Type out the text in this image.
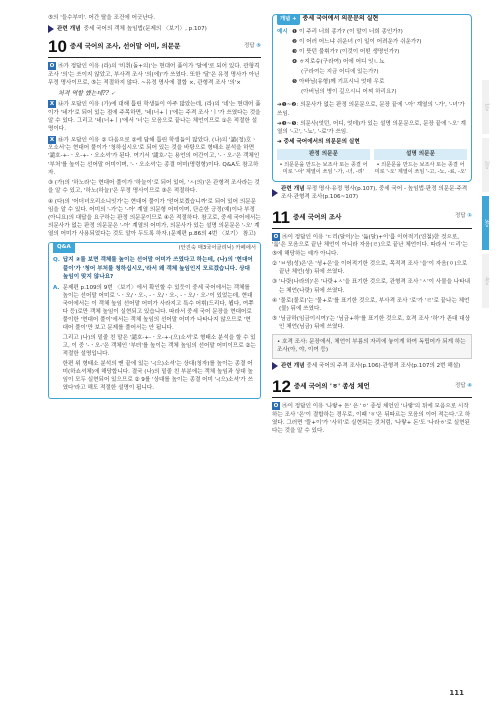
1강
2강
3강
4강

⑤의 '들수부미'. 어간 탈을 조건에 어긋난다.

관련 개념 중세 국어의 객체 높임법(문제의 〈보기〉, p.107)
10 중세 국어의 조사, 선어말 어미, 의문문	정답 ⑤

O ㉮가 정답인 이유 (라)의 '비취(돌+의)'는 현대어 풀이가 '달에'로 되어 있다. 관형격 조사 '의'는 쓰이지 않았고, 부사격 조사 '의(에)'가 쓰였다. 또한 '달'은 유정 명사가 아닌 무정 명사이므로, ⑤는 적절하지 않다. ~유정 명사에 결합 ×, 관형격 조사 '의'×

처격 역할 했는데?? 🗸

X ㉯가 오답인 이유 (가)에 대해 틀린 학생들이 아주 많았는데, (라)의 '네'는 현대어 풀이가 '네가'로 되어 있는 점에 주목하면, '네(너+ㅣ)'에는 주격 조사 'ㅣ'가 쓰였다는 것을 알 수 있다. 그리고 '네(너+ㅣ)'에서 '너'는 모음으로 끝나는 체언이므로 ①은 적절한 설명이다.

X ㉰가 오답인 이유 ② 다음으로 ②에 답해 틀린 학생들이 많았다. (나)의 '譴(청)호ㆍ오소서'는 현대어 풀이가 '청하십시오'로 되어 있는 것을 바탕으로 형태소 분석을 하면 '譴호-+-ㆍ오-+-ㆍ오소셔'가 된다. 여기서 '譴호-'는 용언의 어간이고, '-ㆍ오-'은 객체인 '부처'를 높이는 선어말 어미이며, '-ㆍ오소셔'는 종결 어미(명령형)이다. Q&A도 참고하자.

③ (가)의 '하노라'는 현대어 풀이가 '하늘이'로 되어 있어, 'ㅅ(의)'은 관형격 조사라는 것을 알 수 있고, '하노(하늘)'은 무정 명사이므로 ③은 적절하다.

④ (다)의 '어더녀오리소니잇가'는 현대어 풀이가 '얻어보겠습니까'로 되어 있어 의문문임을 알 수 있다. 어미의 '-가'는 '-아' 계열 의문형 어미이며, 단순한 긍정(예)이나 부정(아니요)의 대답을 요구하는 판정 의문문이므로 ④은 적절하다. 참고로, 중세 국어에서는 의문사가 없는 판정 의문문은 '-아' 계열의 어미가, 의문사가 있는 설명 의문문은 '-오' 계열의 어미가 사용되었다는 것도 알아 두도록 하자.(문제편 p.86의 4번 〈보기〉 참고)

Q&A	(안진숙 매3국어클리닉) 카페에서
Q. 답지 ②를 보면 객체를 높이는 선어말 어미가 쓰였다고 하는데, (나)의 '현대어 풀이'가 '청어 부처를 청하십시오,'라서 왜 객체 높임인지 모르겠습니다. 상대 높임이 맞지 않나요?
A. 문제편 p.109의 9번 〈보기〉에서 확인할 수 있듯이 중세 국어에서는 객체를 높이는 선어말 어미로 '-ㆍ오/ㆍ오-, -ㆍ오/ㆍ오-, -ㆍ오/ㆍ오-'이 있었는데, 현대 국어에서는 이 객체 높임 선어말 어미가 사라지고 특수 어휘(드리다, 뵙다, 여쭈다 등)로만 객체 높임이 실현되고 있습니다. 따라서 중세 국어 문장을 현대어로 풀이한 '현대어 풀이'에서는 객체 높임의 선어말 어미가 나타나지 않으므로 '현대어 풀이'만 보고 문제를 풀어서는 안 됩니다.

그리고 (나)의 밑줄 친 말은 '譴호-+-ㆍ오-+-(으)소셔'로 형태소 분석을 할 수 있고, 이 중 '-ㆍ오-'은 객체인 '부텨'를 높이는 객체 높임의 선어말 어미이므로 ②는 적절한 설명입니다.

한편 위 형태소 분석의 맨 끝에 있는 '-(으)소셔'는 상대(청자)를 높이는 종결 어미(하쇼셔체)에 해당합니다. 결국 (나)의 밑줄 친 부분에는 객체 높임과 상대 높임이 모두 실현되어 있으므로 ② 9를 '상대를 높이는 종결 어미 '-(으)소셔'가 쓰였다'라고 해도 적절한 설명이 됩니다.

개념 +	중세 국어에서 의문문의 실현
예시 ❶ 이 주리 너희 종가? (이 말이 너희 종인가?)
❷ 이 어러 어느냐 쉬운녀 (이 일이 어려운가 쉬운가?)
❸ 이 뜻던 불휘가? (이것이 어떤 생명인가?)
❹ ㅎ지로슈(구라여) 어에 어디 잇ㄴ뇨

(구라여는 지금 어디에 있는가?)

❺ 아바님(유형)께 기프시니 엇데 우로

(아버님의 병이 깊으시니 어찌 하리요?)

➔❶~❷: 의문사가 없는 판정 의문문으로, 문장 끝에 '-아' 계열의 '-가', '-녀'가 쓰임.

➔❸~❺: 의문사(엇던, 어디, 엇데)가 있는 설명 의문문으로, 문장 끝에 '-오' 계열의 '-고', '-뇨', '-료'가 쓰임.

➔ 중세 국어에서의 의문문의 실현

판정 의문문
• 의문문을 만드는 보조사 또는 종결 어미로 '-아' 계열이 쓰임 '-가, -녀, -려'
설명 의문문
• 의문문을 만드는 보조사 또는 종결 어미로 '-오' 계열이 쓰임 '-고, -뇨, -료, -오'
관련 개념 무정 명사·유정 명사(p.107), 중세 국어 - 높임법·판정 의문문·주격 조사·관형격 조사(p.106~107)
11 중세 국어의 조사	정답 ①

O ㉮이 정답인 이유 'ㄷ리(달이)'는 '듧(달)+이'를 이어적기(연철)한 것으로, '듧'은 모음으로 끝난 체언이 아니라 자음(ㄹ)으로 끝난 체언이다. 따라서 'ㄷ리'는 ⑤에 해당하는 예가 아니다.

② 'ㅂ셩(성)은'은 '셩+은'을 이어적기한 것으로, 목적격 조사 '을'이 자음(ㅇ)으로 끝난 체언(셩) 뒤에 쓰였다.
③ '나랏(나라의)'은 '나랏+ㅅ'을 표기한 것으로, 관형격 조사 'ㅅ'이 사물을 나타내는 체언(나랏) 뒤에 쓰였다.
④ '물로(물로)'는 '물+로'를 표기한 것으로, 부사격 조사 '로'가 'ㄹ'로 끝나는 체언(물) 뒤에 쓰였다.
⑤ '님금하(임금이시여)'는 '님금+하'를 표기한 것으로, 호격 조사 '하'가 존대 대상인 체언(님금) 뒤에 쓰였다.

• 호격 조사: 문장에서, 체언이 부름의 자리에 놓이게 하여 독립어가 되게 하는 조사(아, 야, 이여 등)

관련 개념 중세 국어의 주격 조사(p.106)·관형격 조사(p.107의 2번 해설)
12 중세 국어의 'ㆆ' 종성 체언	정답 ④

O ㉮이 정답인 이유 '나랗+ 돈' 은 'ㆆ' 종성 체언인 '나랗'의 뒤에 모음으로 시작하는 조사 '은'이 결합하는 경우로, 이때 'ㆆ'은 뒤따르는 모음의 이어 적는다.'고 하였다. 그러면 '뜰+이'가 '사히'로 실현되는 것처럼, '나랗+ 돈'도 '나라ㅎ'로 실현된다는 것을 알 수 있다.

111
